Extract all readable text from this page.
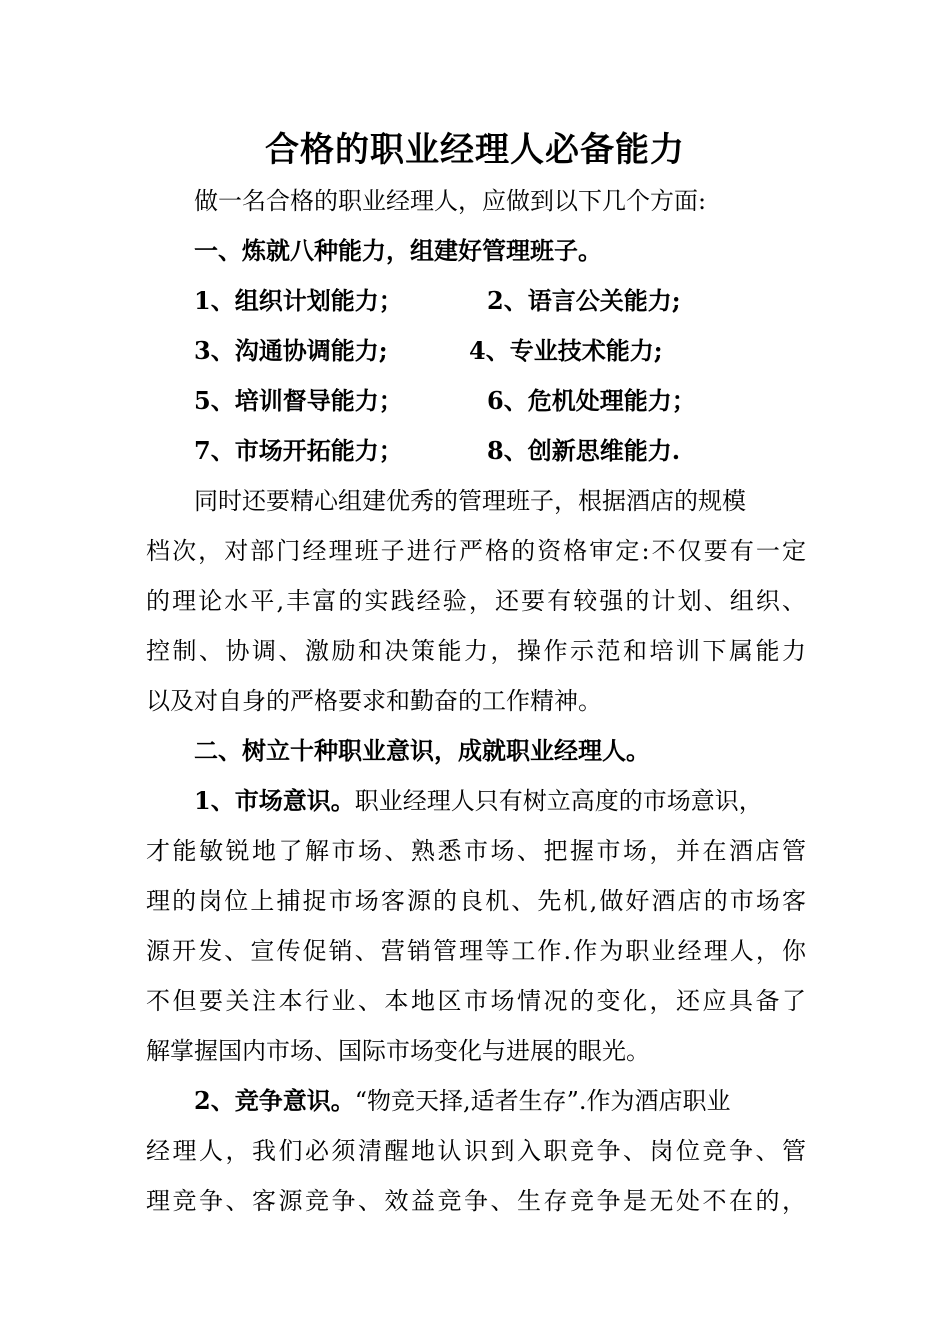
合格的职业经理人必备能力
做一名合格的职业经理人，应做到以下几个方面:
一、炼就八种能力，组建好管理班子。
1、组织计划能力；	2、语言公关能力;
3、沟通协调能力;	4、专业技术能力;
5、培训督导能力；	6、危机处理能力；
7、市场开拓能力；	8、创新思维能力.
同时还要精心组建优秀的管理班子，根据酒店的规模
档次，对部门经理班子进行严格的资格审定:不仅要有一定
的理论水平,丰富的实践经验，还要有较强的计划、组织、
控制、协调、激励和决策能力，操作示范和培训下属能力
以及对自身的严格要求和勤奋的工作精神。
二、树立十种职业意识，成就职业经理人。
1、市场意识。职业经理人只有树立高度的市场意识，
才能敏锐地了解市场、熟悉市场、把握市场，并在酒店管
理的岗位上捕捉市场客源的良机、先机,做好酒店的市场客
源开发、宣传促销、营销管理等工作.作为职业经理人，你
不但要关注本行业、本地区市场情况的变化，还应具备了
解掌握国内市场、国际市场变化与进展的眼光。
2、竞争意识。“物竞天择,适者生存”.作为酒店职业
经理人，我们必须清醒地认识到入职竞争、岗位竞争、管
理竞争、客源竞争、效益竞争、生存竞争是无处不在的，
